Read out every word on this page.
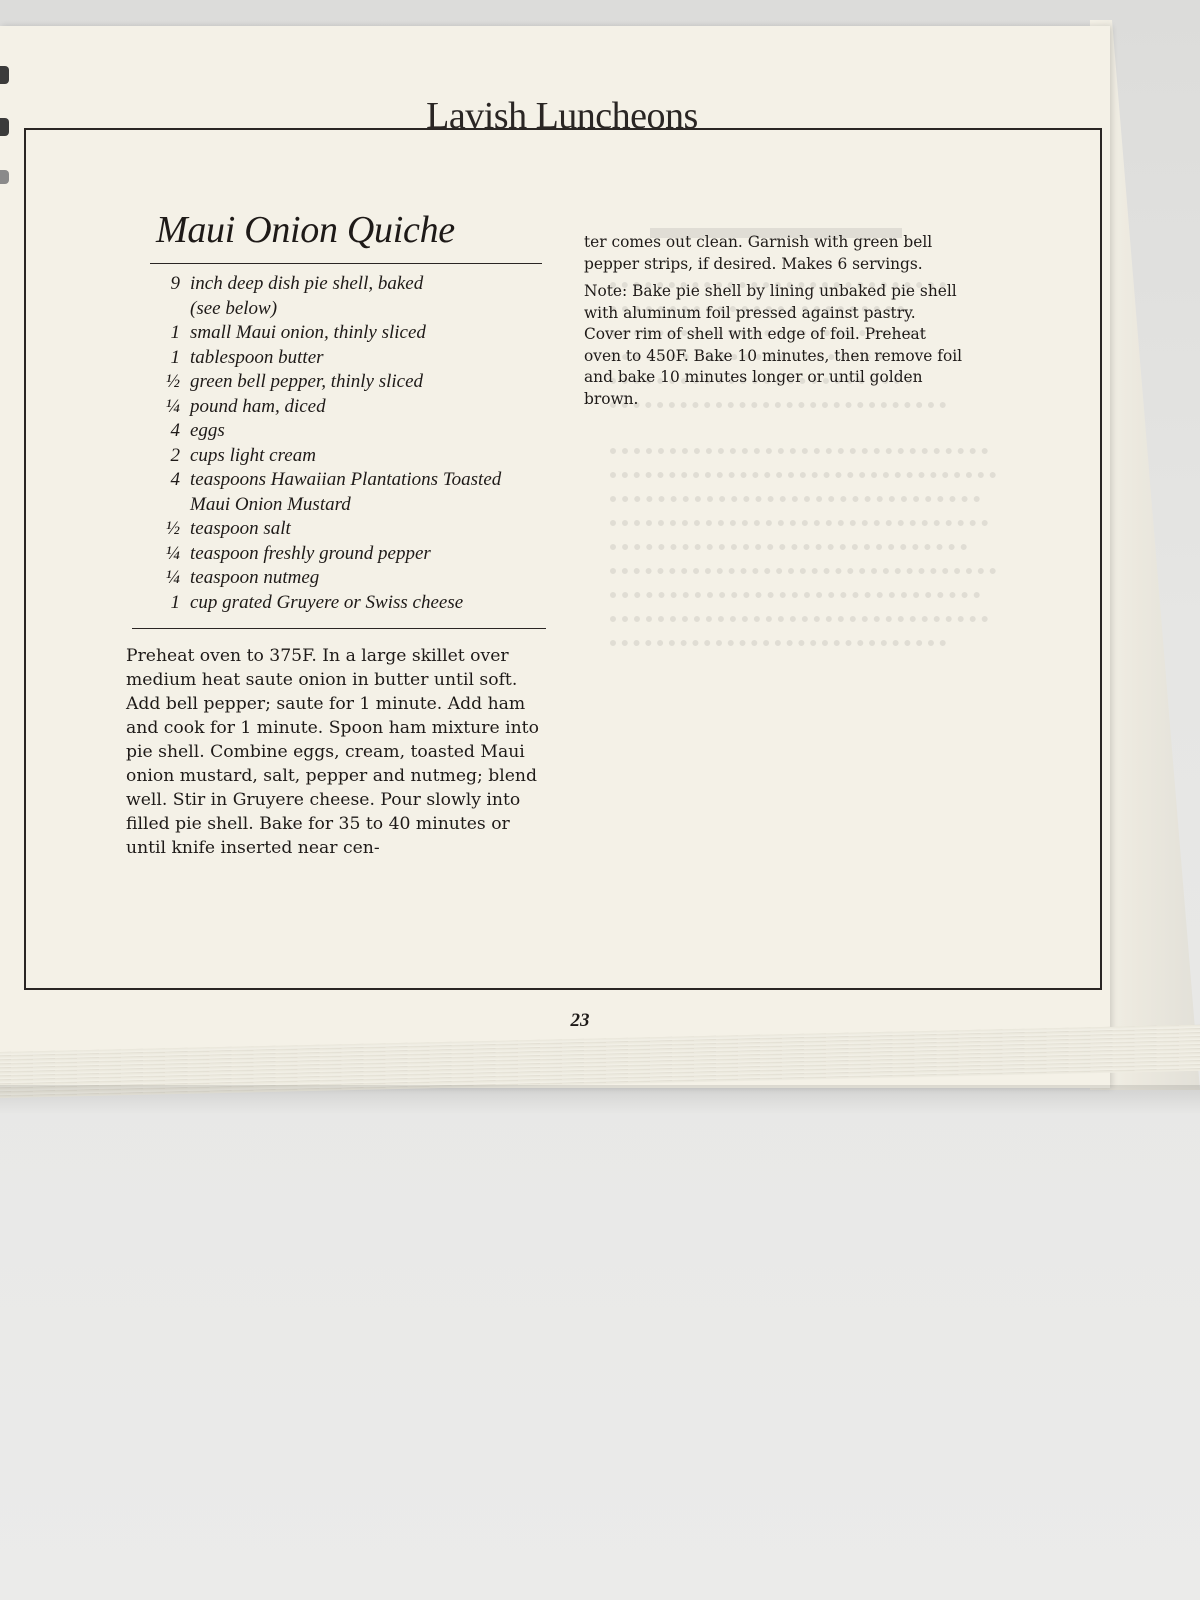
Lavish Luncheons
Maui Onion Quiche
9 inch deep dish pie shell, baked
(see below)
1 small Maui onion, thinly sliced
1 tablespoon butter
½ green bell pepper, thinly sliced
¼ pound ham, diced
4 eggs
2 cups light cream
4 teaspoons Hawaiian Plantations Toasted
Maui Onion Mustard
½ teaspoon salt
¼ teaspoon freshly ground pepper
¼ teaspoon nutmeg
1 cup grated Gruyere or Swiss cheese

Preheat oven to 375F. In a large skillet over medium heat saute onion in butter until soft. Add bell pepper; saute for 1 minute. Add ham and cook for 1 minute. Spoon ham mixture into pie shell. Combine eggs, cream, toasted Maui onion mustard, salt, pepper and nutmeg; blend well. Stir in Gruyere cheese. Pour slowly into filled pie shell. Bake for 35 to 40 minutes or until knife inserted near cen-

ter comes out clean. Garnish with green bell pepper strips, if desired. Makes 6 servings.

Note: Bake pie shell by lining unbaked pie shell with aluminum foil pressed against pastry. Cover rim of shell with edge of foil. Preheat oven to 450F. Bake 10 minutes, then remove foil and bake 10 minutes longer or until golden brown.

23
